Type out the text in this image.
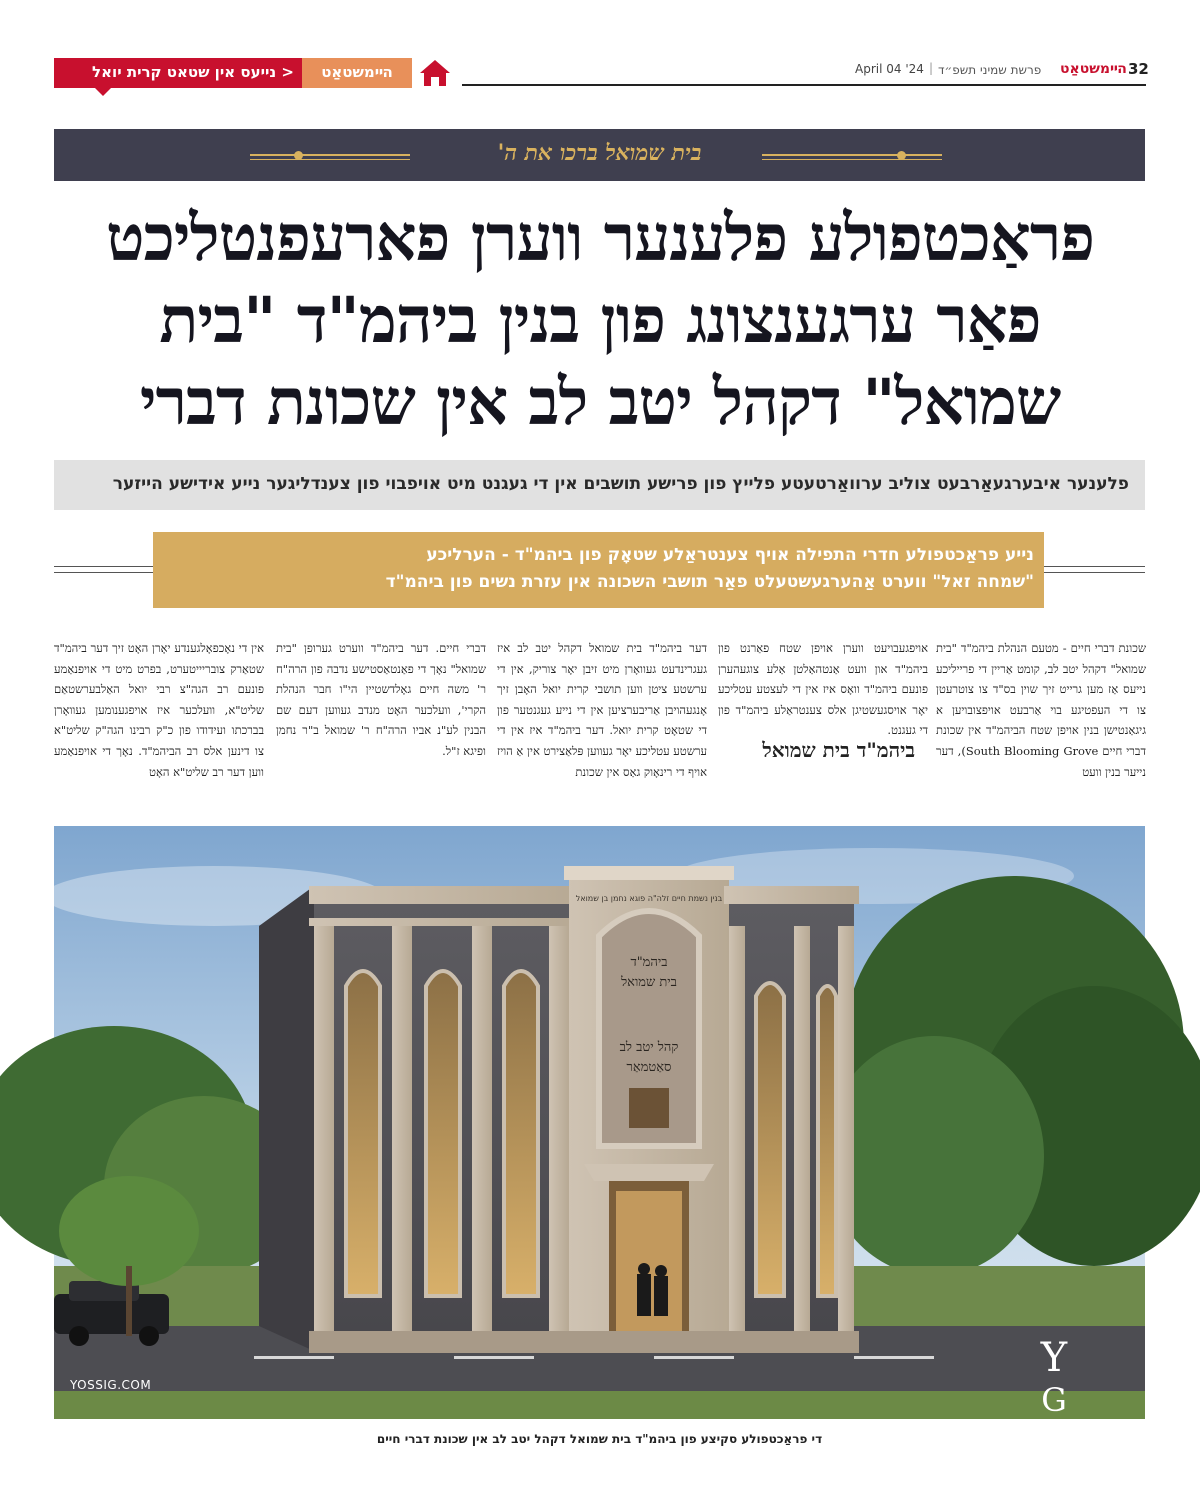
32
הײמשטאַט
פרשת שמיני תשפ״ד
|
April 04 '24
< נייעס אין שטאט קרית יואל	הײמשטאַט
בית שמואל ברכו את ה'
פראַכטפולע פלענער ווערן פארעפנטליכט
פאַר ערגענצונג פון בנין ביהמ"ד "בית
שמואל" דקהל יטב לב אין שכונת דברי
פלענער איבערגעאַרבעט צוליב ערוואַרטעטע פלייץ פון פרישע תושבים אין די געגנט מיט אויפבוי פון צענדליגער נייע אידישע הייזער
נייע פראַכטפולע חדרי התפילה אויף צענטראַלע שטאָק פון ביהמ"ד - הערליכע
"שמחה זאל" ווערט אַהערגעשטעלט פאַר תושבי השכונה אין עזרת נשים פון ביהמ"ד
שכונת דברי חיים - מטעם הנהלת ביהמ"ד "בית שמואל" דקהל יטב לב, קומט אַריין די פרייליכע נייעס אַז מען גרייט זיך שוין בס"ד צו צוטרעטן צו די העפטיגע בוי אַרבעט אויפצובויען א גיגאַנטישן בנין אויפן שטח הביהמ"ד אין שכונת דברי חיים South Blooming Grove), דער נייער בנין וועט
אויפגעבויעט ווערן אויפן שטח פאַרנט פון ביהמ"ד און וועט אַנטהאַלטן אַלע צוגעהערן פונעם ביהמ"ד וואָס איז אין די לעצטע עטליכע יאָר אויסגעשטיגן אלס צענטראַלע ביהמ"ד פון די געגנט.
ביהמ"ד בית שמואל
דער ביהמ"ד בית שמואל דקהל יטב לב איז געגרינדעט געוואָרן מיט זיבן יאָר צוריק, אין די ערשטע ציטן ווען תושבי קרית יואל האָבן זיך אָנגעהויבן אַריבערציען אין די נייע געגנטער פון די שטאָט קרית יואל. דער ביהמ"ד איז אין די ערשטע עטליכע יאָר געווען פּלאַצירט אין אַ הויז אויף די רינאָוק גאַס אין שכונת
דברי חיים. דער ביהמ"ד ווערט גערופן "בית שמואל" נאָך די פאַנטאַסטישע נדבה פון הרה"ח ר' משה חיים גאָלדשטיין הי"ו חבר הנהלת הקרי', וועלכער האָט מנדב געווען דעם שם הבנין לע"נ אביו הרה"ח ר' שמואל ב"ר נחמן ופיגא ז"ל.
אין די נאָכפאָלגענדע יאָרן האָט זיך דער ביהמ"ד שטאַרק צובריייטערט, בפרט מיט די אויפנאַמע פונעם רב הגה"צ רבי יואל האַלבערשטאַם שליט"א, וועלכער איז אויפגענומען געוואָרן בברכתו ועידודו פון כ"ק רבינו הגה"ק שליט"א צו דינען אלס רב הביהמ"ד. נאָך די אויפנאַמע ווען דער רב שליט"א האָט
ביהמ"ד
בית שמואל
קהל יטב לב
סאַטמאַר
בנין נשמת חיים זלה"ה פוגא נחמן בן שמואל
Y
G
YOSSIG.COM
די פראַכטפולע סקיצע פון ביהמ"ד בית שמואל דקהל יטב לב אין שכונת דברי חיים
